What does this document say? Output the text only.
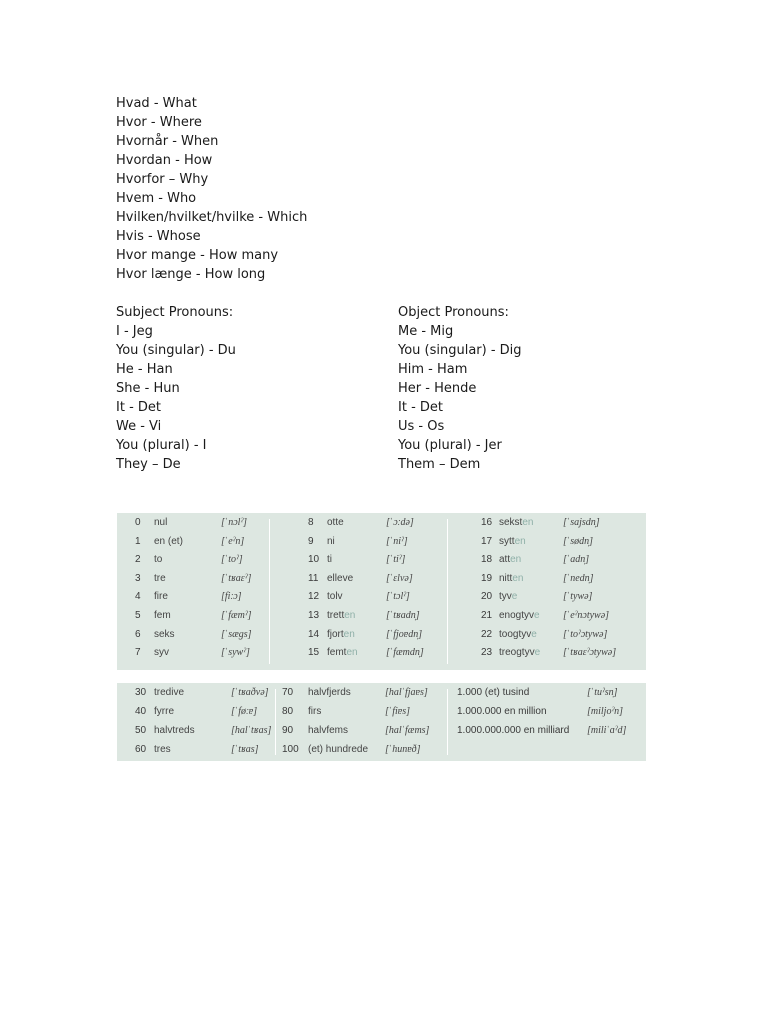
Hvad - What
Hvor - Where
Hvornår - When
Hvordan - How
Hvorfor – Why
Hvem - Who
Hvilken/hvilket/hvilke - Which
Hvis - Whose
Hvor mange - How many
Hvor længe - How long
Subject Pronouns:
I - Jeg
You (singular) - Du
He - Han
She - Hun
It - Det
We - Vi
You (plural) - I
They – De
Object Pronouns:
Me - Mig
You (singular) - Dig
Him - Ham
Her - Hende
It - Det
Us - Os
You (plural) - Jer
Them – Dem
0 nul	[ˈnɔlˀ]
1 en (et)	[ˈeˀn]
2 to	[ˈtoˀ]
3 tre	[ˈtʁaɛˀ]
4 fire	[fiːɔ]
5 fem	[ˈfæmˀ]
6 seks	[ˈsægs]
7 syv	[ˈsywˀ]
8 otte	[ˈɔːdə]
9 ni	[ˈniˀ]
10 ti	[ˈtiˀ]
11 elleve	[ˈɛlvə]
12 tolv	[ˈtɔlˀ]
13 tretten	[ˈtʁadn̩]
14 fjorten	[ˈfjoɐdn̩]
15 femten	[ˈfæmdn̩]
16 seksten	[ˈsajsdn̩]
17 sytten	[ˈsødn̩]
18 atten	[ˈadn̩]
19 nitten	[ˈnedn̩]
20 tyve	[ˈtywə]
21 enogtyve [ˈeˀnɔtywə]
22 toogtyve	[ˈtoˀɔtywə]
23 treogtyve [ˈtʁaɛˀɔtywə]
30 tredive	[ˈtʁaðvə]
40 fyrre	[ˈføːɐ]
50 halvtreds	[halˈtʁas]
60 tres	[ˈtʁas]
70 halvfjerds	[halˈfjaɐs]
80 firs	[ˈfiɐs]
90 halvfems	[halˈfæms]
100 (et) hundrede [ˈhunɐð]
1.000 (et) tusind	[ˈtuˀsn̩]
1.000.000 en million	[miljoˀn]
1.000.000.000 en milliard [miliˈɑˀd]
